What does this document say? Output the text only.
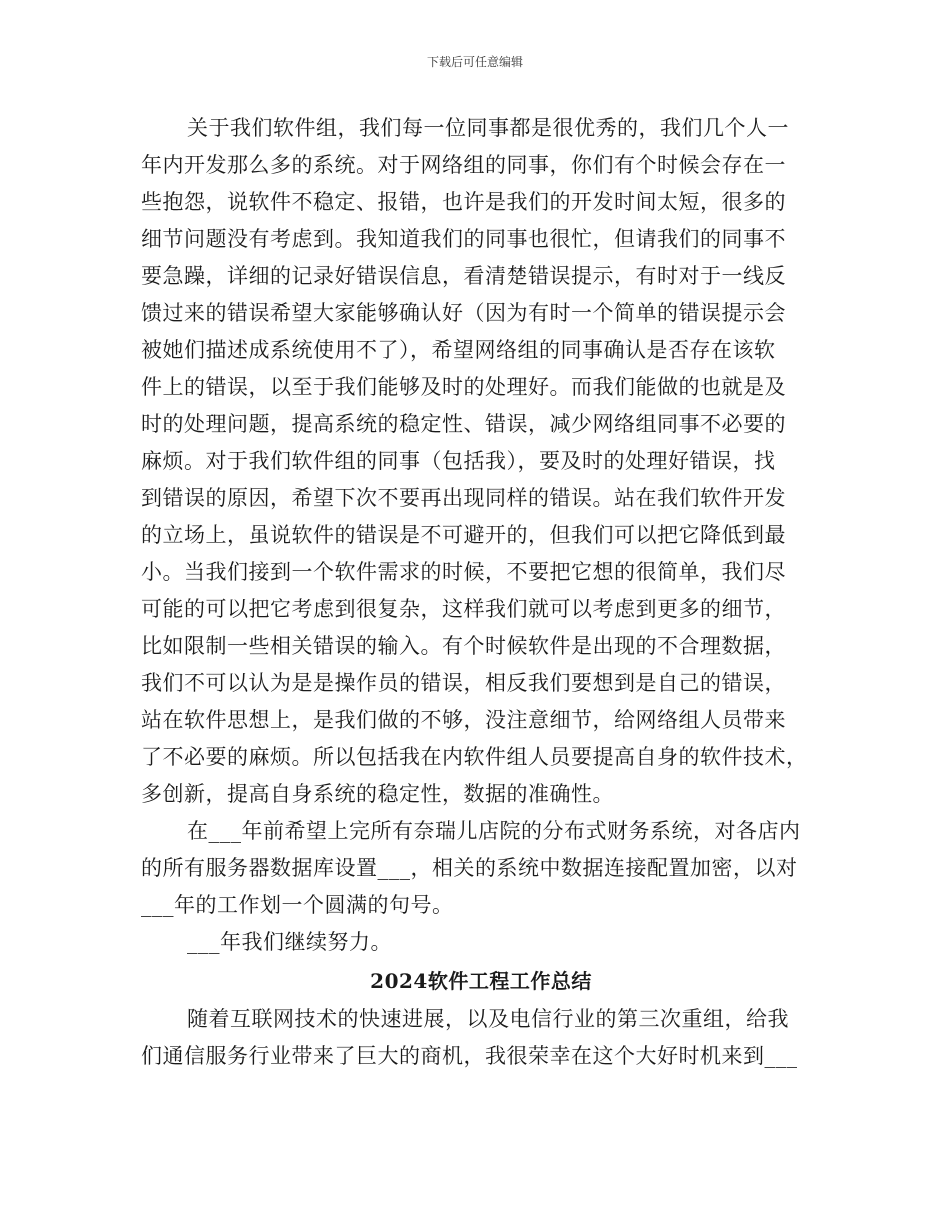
下载后可任意编辑
关于我们软件组，我们每一位同事都是很优秀的，我们几个人一
年内开发那么多的系统。对于网络组的同事，你们有个时候会存在一
些抱怨，说软件不稳定、报错，也许是我们的开发时间太短，很多的
细节问题没有考虑到。我知道我们的同事也很忙，但请我们的同事不
要急躁，详细的记录好错误信息，看清楚错误提示，有时对于一线反
馈过来的错误希望大家能够确认好（因为有时一个简单的错误提示会
被她们描述成系统使用不了），希望网络组的同事确认是否存在该软
件上的错误，以至于我们能够及时的处理好。而我们能做的也就是及
时的处理问题，提高系统的稳定性、错误，减少网络组同事不必要的
麻烦。对于我们软件组的同事（包括我），要及时的处理好错误，找
到错误的原因，希望下次不要再出现同样的错误。站在我们软件开发
的立场上，虽说软件的错误是不可避开的，但我们可以把它降低到最
小。当我们接到一个软件需求的时候，不要把它想的很简单，我们尽
可能的可以把它考虑到很复杂，这样我们就可以考虑到更多的细节，
比如限制一些相关错误的输入。有个时候软件是出现的不合理数据，
我们不可以认为是是操作员的错误，相反我们要想到是自己的错误，
站在软件思想上，是我们做的不够，没注意细节，给网络组人员带来
了不必要的麻烦。所以包括我在内软件组人员要提高自身的软件技术，
多创新，提高自身系统的稳定性，数据的准确性。
在___年前希望上完所有奈瑞儿店院的分布式财务系统，对各店内
的所有服务器数据库设置___，相关的系统中数据连接配置加密，以对
___年的工作划一个圆满的句号。
___年我们继续努力。
2024软件工程工作总结
随着互联网技术的快速进展，以及电信行业的第三次重组，给我
们通信服务行业带来了巨大的商机，我很荣幸在这个大好时机来到___
